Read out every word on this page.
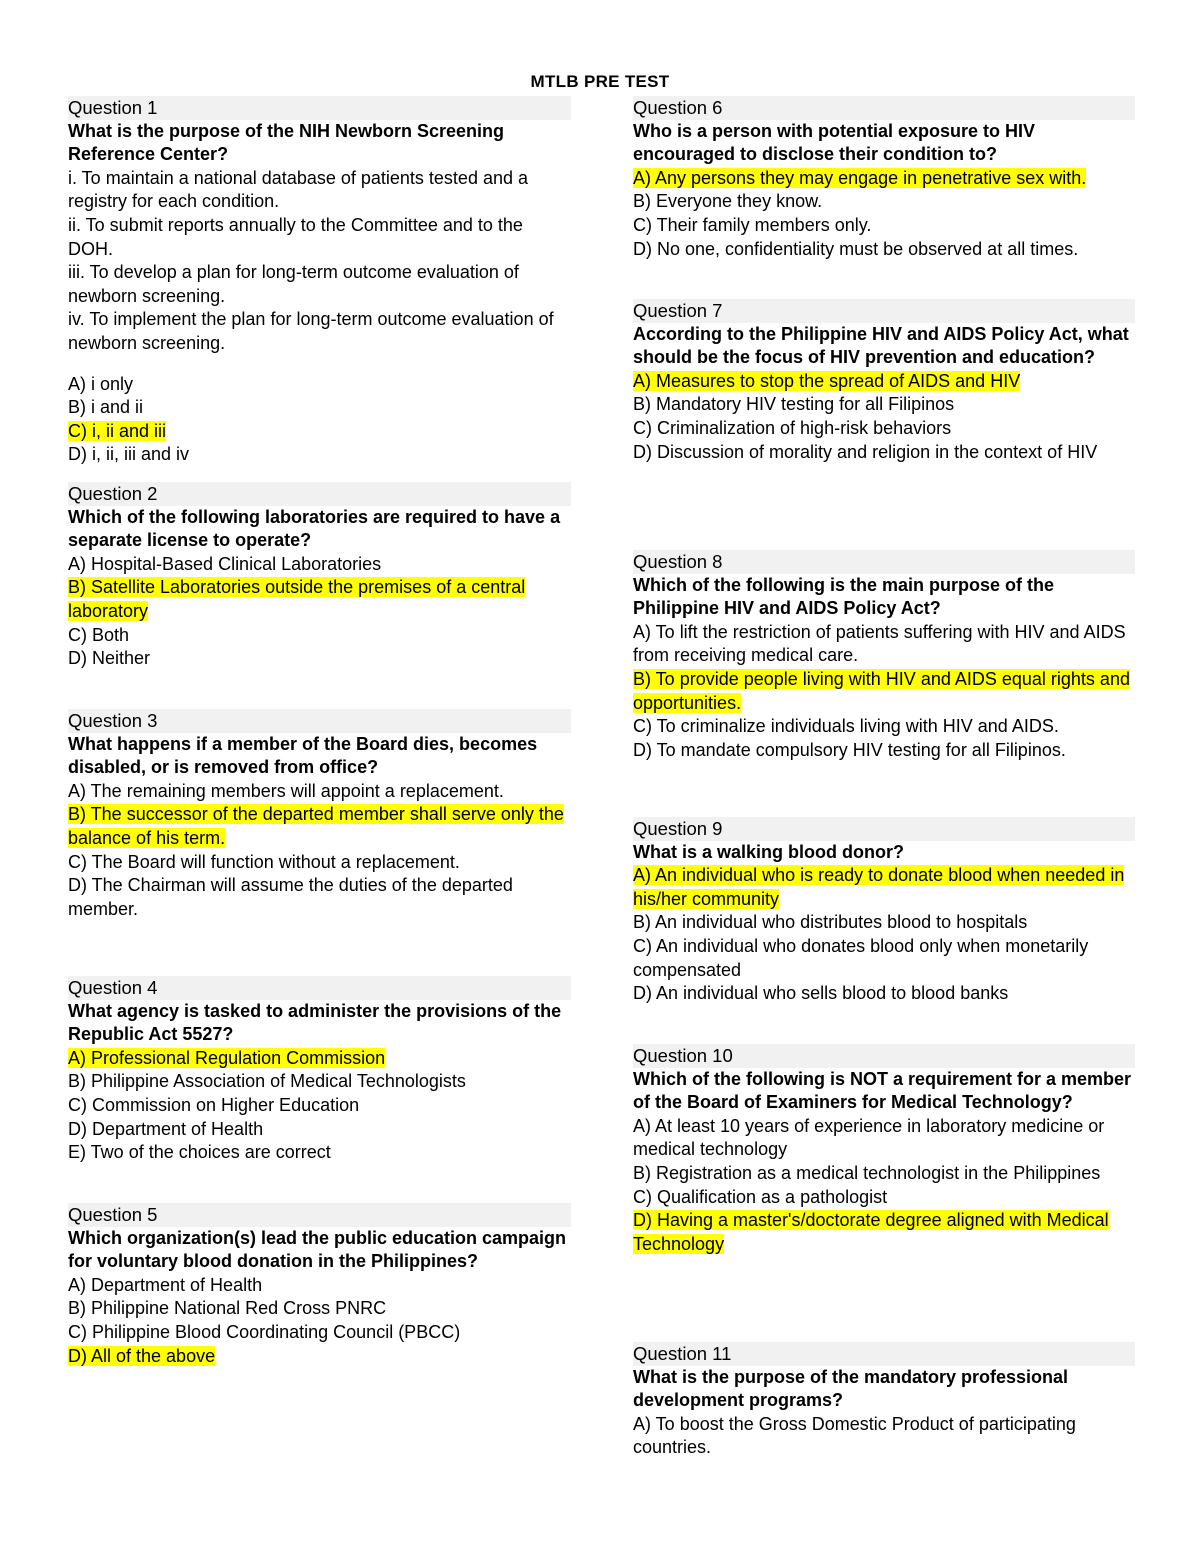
MTLB PRE TEST
Question 1
What is the purpose of the NIH Newborn Screening Reference Center?
i. To maintain a national database of patients tested and a registry for each condition.
ii. To submit reports annually to the Committee and to the DOH.
iii. To develop a plan for long-term outcome evaluation of newborn screening.
iv. To implement the plan for long-term outcome evaluation of newborn screening.
A) i only
B) i and ii
C) i, ii and iii
D) i, ii, iii and iv
Question 2
Which of the following laboratories are required to have a separate license to operate?
A) Hospital-Based Clinical Laboratories
B) Satellite Laboratories outside the premises of a central laboratory
C) Both
D) Neither
Question 3
What happens if a member of the Board dies, becomes disabled, or is removed from office?
A) The remaining members will appoint a replacement.
B) The successor of the departed member shall serve only the balance of his term.
C) The Board will function without a replacement.
D) The Chairman will assume the duties of the departed member.
Question 4
What agency is tasked to administer the provisions of the Republic Act 5527?
A) Professional Regulation Commission
B) Philippine Association of Medical Technologists
C) Commission on Higher Education
D) Department of Health
E) Two of the choices are correct
Question 5
Which organization(s) lead the public education campaign for voluntary blood donation in the Philippines?
A) Department of Health
B) Philippine National Red Cross PNRC
C) Philippine Blood Coordinating Council (PBCC)
D) All of the above
Question 6
Who is a person with potential exposure to HIV encouraged to disclose their condition to?
A) Any persons they may engage in penetrative sex with.
B) Everyone they know.
C) Their family members only.
D) No one, confidentiality must be observed at all times.
Question 7
According to the Philippine HIV and AIDS Policy Act, what should be the focus of HIV prevention and education?
A) Measures to stop the spread of AIDS and HIV
B) Mandatory HIV testing for all Filipinos
C) Criminalization of high-risk behaviors
D) Discussion of morality and religion in the context of HIV
Question 8
Which of the following is the main purpose of the Philippine HIV and AIDS Policy Act?
A) To lift the restriction of patients suffering with HIV and AIDS from receiving medical care.
B) To provide people living with HIV and AIDS equal rights and opportunities.
C) To criminalize individuals living with HIV and AIDS.
D) To mandate compulsory HIV testing for all Filipinos.
Question 9
What is a walking blood donor?
A) An individual who is ready to donate blood when needed in his/her community
B) An individual who distributes blood to hospitals
C) An individual who donates blood only when monetarily compensated
D) An individual who sells blood to blood banks
Question 10
Which of the following is NOT a requirement for a member of the Board of Examiners for Medical Technology?
A) At least 10 years of experience in laboratory medicine or medical technology
B) Registration as a medical technologist in the Philippines
C) Qualification as a pathologist
D) Having a master's/doctorate degree aligned with Medical Technology
Question 11
What is the purpose of the mandatory professional development programs?
A) To boost the Gross Domestic Product of participating countries.
